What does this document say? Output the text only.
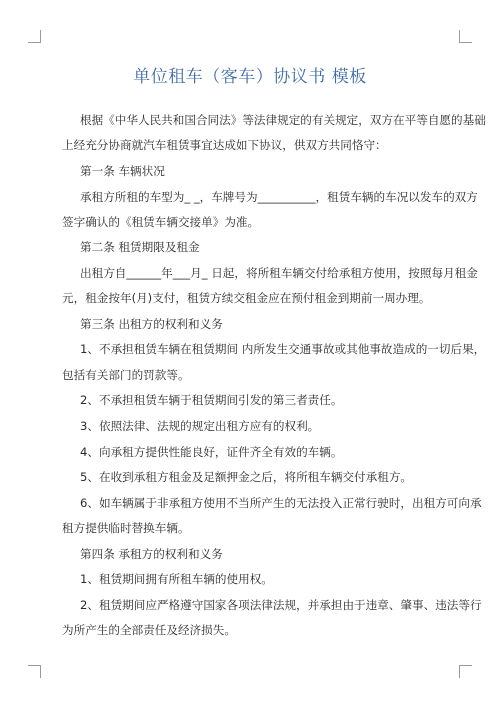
单位租车（客车）协议书 模板
根据《中华人民共和国合同法》等法律规定的有关规定，双方在平等自愿的基础
上经充分协商就汽车租赁事宜达成如下协议，供双方共同恪守：
第一条 车辆状况
承租方所租的车型为_ _，车牌号为__________，租赁车辆的车况以发车的双方
签字确认的《租赁车辆交接单》为准。
第二条 租赁期限及租金
出租方自______年___月_ 日起，将所租车辆交付给承租方使用，按照每月租金
元，租金按年(月)支付，租赁方续交租金应在预付租金到期前一周办理。
第三条 出租方的权利和义务
1、不承担租赁车辆在租赁期间 内所发生交通事故或其他事故造成的一切后果，
包括有关部门的罚款等。
2、不承担租赁车辆于租赁期间引发的第三者责任。
3、依照法律、法规的规定出租方应有的权利。
4、向承租方提供性能良好，证件齐全有效的车辆。
5、在收到承租方租金及足额押金之后，将所租车辆交付承租方。
6、如车辆属于非承租方使用不当所产生的无法投入正常行驶时，出租方可向承
租方提供临时替换车辆。
第四条 承租方的权利和义务
1、租赁期间拥有所租车辆的使用权。
2、租赁期间应严格遵守国家各项法律法规，并承担由于违章、肇事、违法等行
为所产生的全部责任及经济损失。
